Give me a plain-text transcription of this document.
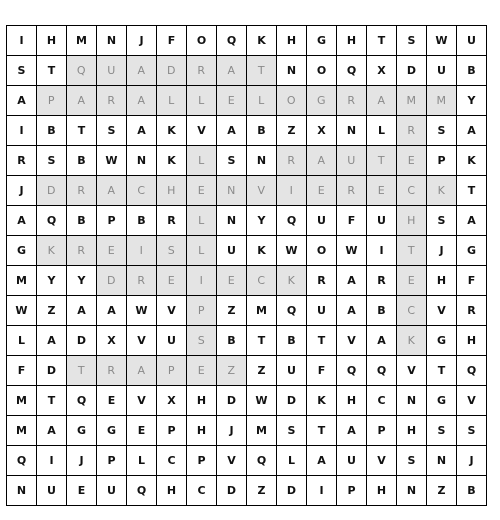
I	H	M	N	J	F	O	Q	K	H	G	H	T	S	W	U
S	T	Q	U	A	D	R	A	T	N	O	Q	X	D	U	B
A	P	A	R	A	L	L	E	L	O	G	R	A	M	M	Y
I	B	T	S	A	K	V	A	B	Z	X	N	L	R	S	A
R	S	B	W	N	K	L	S	N	R	A	U	T	E	P	K
J	D	R	A	C	H	E	N	V	I	E	R	E	C	K	T
A	Q	B	P	B	R	L	N	Y	Q	U	F	U	H	S	A
G	K	R	E	I	S	L	U	K	W	O	W	I	T	J	G
M	Y	Y	D	R	E	I	E	C	K	R	A	R	E	H	F
W	Z	A	A	W	V	P	Z	M	Q	U	A	B	C	V	R
L	A	D	X	V	U	S	B	T	B	T	V	A	K	G	H
F	D	T	R	A	P	E	Z	Z	U	F	Q	Q	V	T	Q
M	T	Q	E	V	X	H	D	W	D	K	H	C	N	G	V
M	A	G	G	E	P	H	J	M	S	T	A	P	H	S	S
Q	I	J	P	L	C	P	V	Q	L	A	U	V	S	N	J
N	U	E	U	Q	H	C	D	Z	D	I	P	H	N	Z	B
